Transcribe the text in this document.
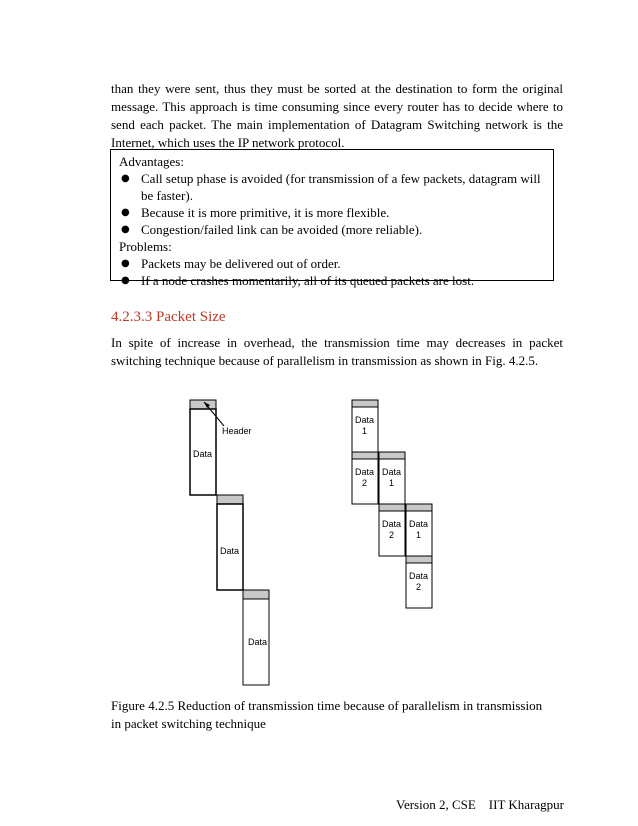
than they were sent, thus they must be sorted at the destination to form the original message. This approach is time consuming since every router has to decide where to send each packet. The main implementation of Datagram Switching network is the Internet, which uses the IP network protocol.
Advantages:
● Call setup phase is avoided (for transmission of a few packets, datagram will be faster).
● Because it is more primitive, it is more flexible.
● Congestion/failed link can be avoided (more reliable).
Problems:
● Packets may be delivered out of order.
● If a node crashes momentarily, all of its queued packets are lost.
4.2.3.3 Packet Size
In spite of increase in overhead, the transmission time may decreases in packet switching technique because of parallelism in transmission as shown in Fig. 4.2.5.
Header
Data
Data
Data
Data
1
Data
2
Data
1
Data
2
Data
1
Data
2
Figure 4.2.5 Reduction of transmission time because of parallelism in transmission in packet switching technique
Version 2, CSE    IIT Kharagpur
